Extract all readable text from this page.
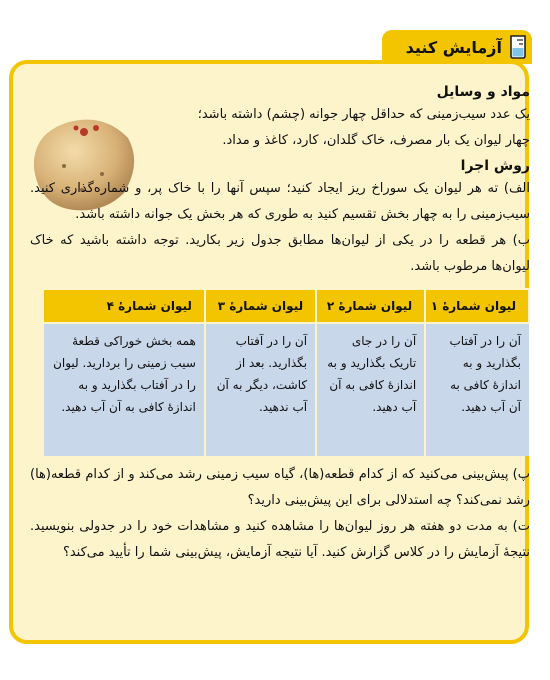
آزمایش کنید
مواد و وسایل

یک عدد سیب‌زمینی که حداقل چهار جوانه (چشم) داشته باشد؛

چهار لیوان یک بار مصرف، خاک گلدان، کارد، کاغذ و مداد.

روش اجرا

الف) ته هر لیوان یک سوراخ ریز ایجاد کنید؛ سپس آنها را با خاک پر، و شماره‌گذاری کنید. سیب‌زمینی را به چهار بخش تقسیم کنید به طوری که هر بخش یک جوانه داشته باشد.

ب) هر قطعه را در یکی از لیوان‌ها مطابق جدول زیر بکارید. توجه داشته باشید که خاک لیوان‌ها مرطوب باشد.

لیوان شمارۀ ۱	لیوان شمارۀ ۲	لیوان شمارۀ ۳	لیوان شمارۀ ۴
آن را در آفتاب بگذارید و به اندازۀ کافی به آن آب دهید.	آن را در جای تاریک بگذارید و به اندازۀ کافی به آن آب دهید.	آن را در آفتاب بگذارید. بعد از کاشت، دیگر به آن آب ندهید.	همه بخش خوراکی قطعۀ سیب زمینی را بردارید. لیوان را در آفتاب بگذارید و به اندازۀ کافی به آن آب دهید.

پ) پیش‌بینی می‌کنید که از کدام قطعه(ها)، گیاه سیب زمینی رشد می‌کند و از کدام قطعه(ها) رشد نمی‌کند؟ چه استدلالی برای این پیش‌بینی دارید؟

ت) به مدت دو هفته هر روز لیوان‌ها را مشاهده کنید و مشاهدات خود را در جدولی بنویسید. نتیجۀ آزمایش را در کلاس گزارش کنید. آیا نتیجه آزمایش، پیش‌بینی شما را تأیید می‌کند؟
